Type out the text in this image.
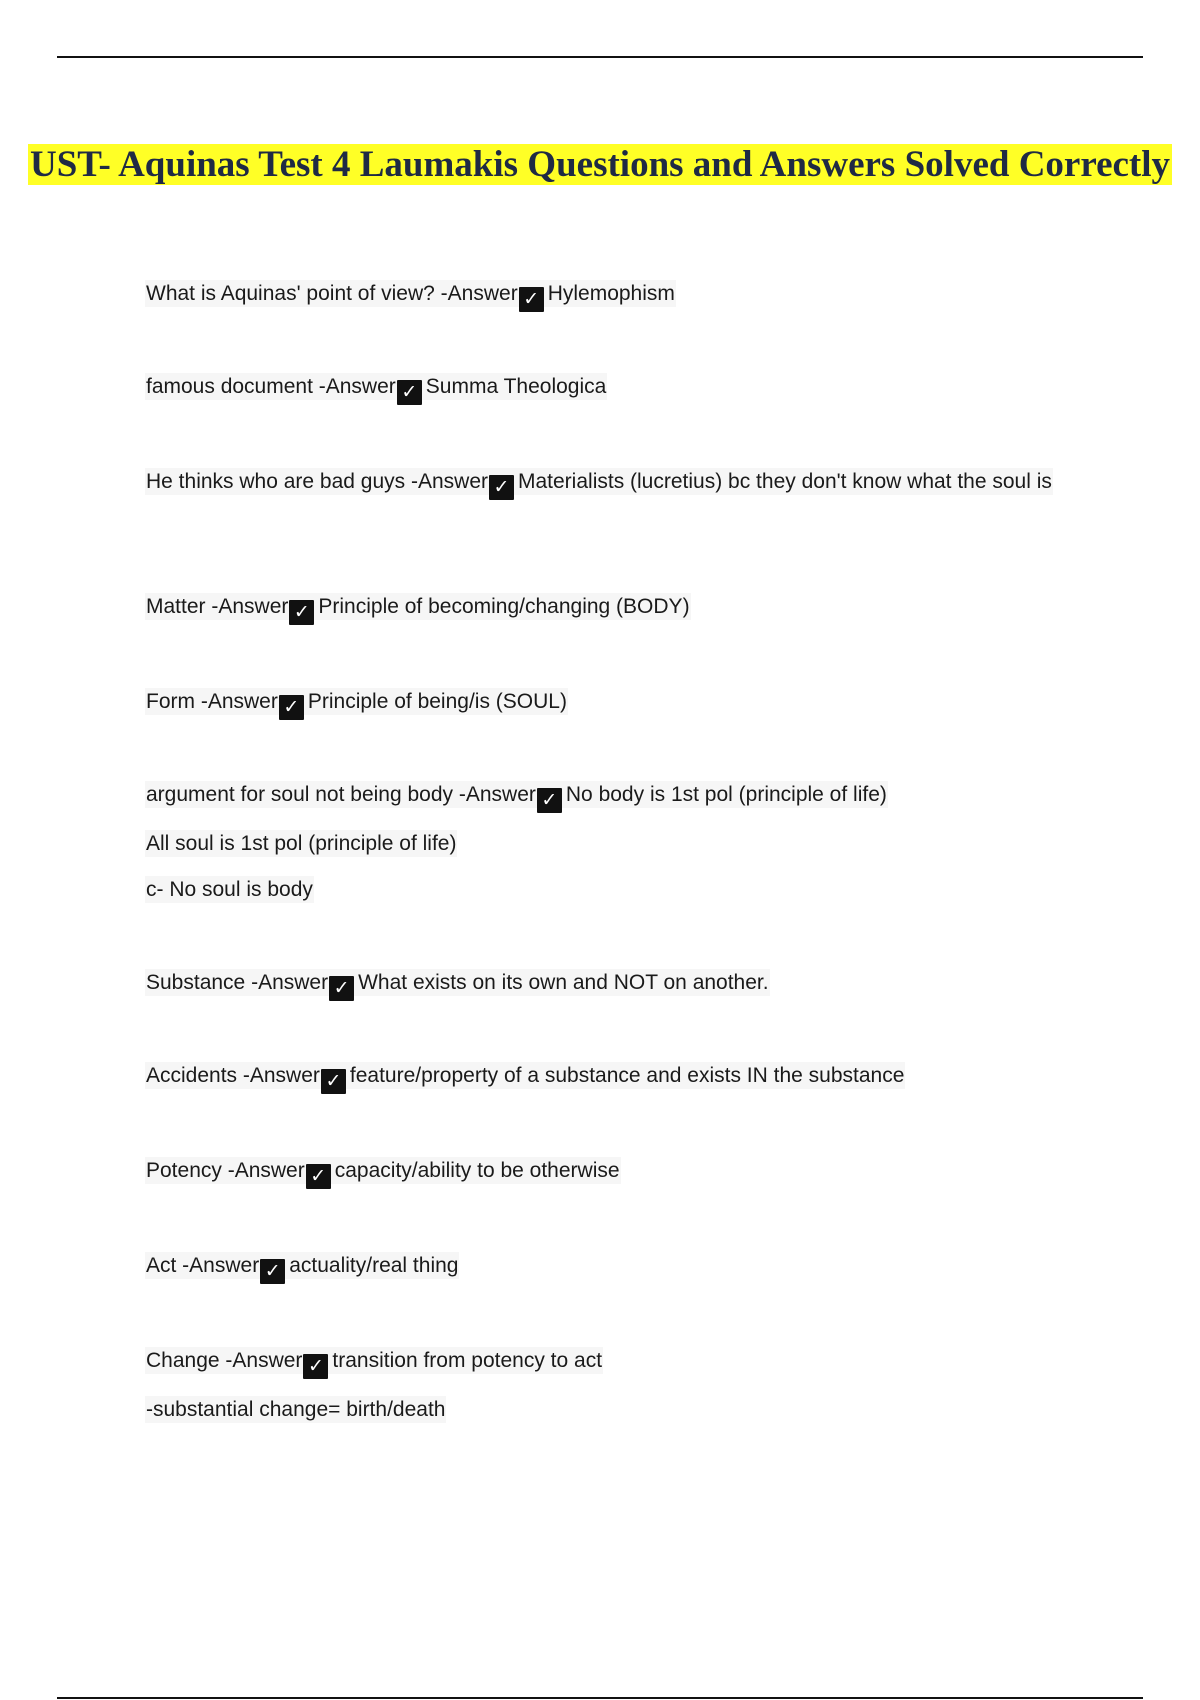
UST- Aquinas Test 4 Laumakis Questions and Answers Solved Correctly
What is Aquinas' point of view? -Answer ✓ Hylemophism
famous document -Answer ✓ Summa Theologica
He thinks who are bad guys -Answer ✓ Materialists (lucretius) bc they don't know what the soul is
Matter -Answer ✓ Principle of becoming/changing (BODY)
Form -Answer ✓ Principle of being/is (SOUL)
argument for soul not being body -Answer ✓ No body is 1st pol (principle of life)
All soul is 1st pol (principle of life)
c- No soul is body
Substance -Answer ✓ What exists on its own and NOT on another.
Accidents -Answer ✓ feature/property of a substance and exists IN the substance
Potency -Answer ✓ capacity/ability to be otherwise
Act -Answer ✓ actuality/real thing
Change -Answer ✓ transition from potency to act
-substantial change= birth/death
